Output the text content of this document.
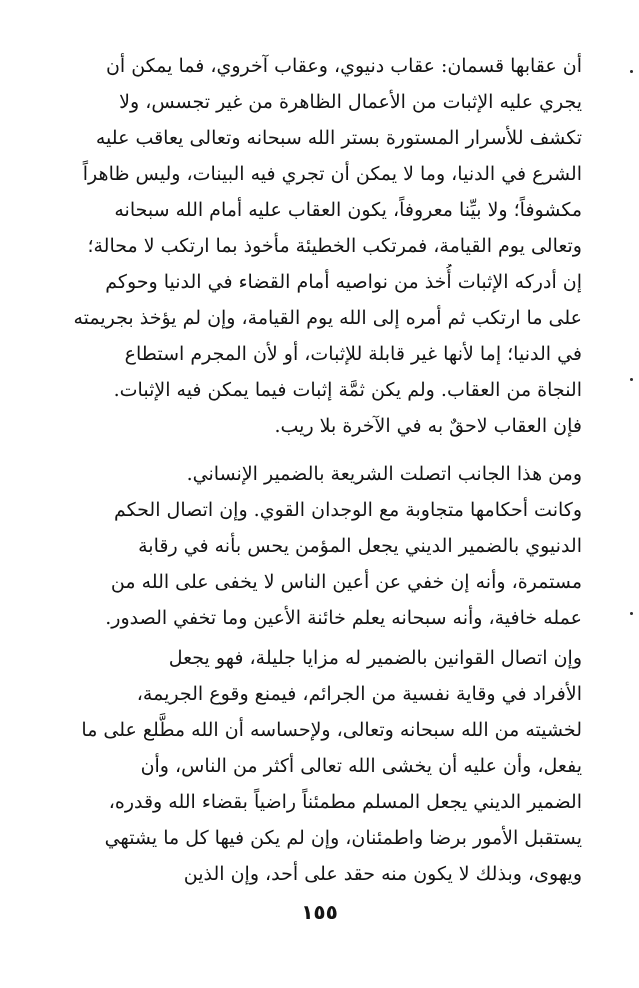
أن عقابها قسمان: عقاب دنيوي، وعقاب آخروي، فما يمكن أن
يجري عليه الإثبات من الأعمال الظاهرة من غير تجسس، ولا
تكشف للأسرار المستورة بستر الله سبحانه وتعالى يعاقب عليه
الشرع في الدنيا، وما لا يمكن أن تجري فيه البينات، وليس ظاهراً
مكشوفاً؛ ولا بيِّنا معروفاً، يكون العقاب عليه أمام الله سبحانه
وتعالى يوم القيامة، فمرتكب الخطيئة مأخوذ بما ارتكب لا محالة؛
إن أدركه الإثبات أُخذ من نواصيه أمام القضاء في الدنيا وحوكم
على ما ارتكب ثم أمره إلى الله يوم القيامة، وإن لم يؤخذ بجريمته
في الدنيا؛ إما لأنها غير قابلة للإثبات، أو لأن المجرم استطاع
النجاة من العقاب. ولم يكن ثمَّة إثبات فيما يمكن فيه الإثبات.
فإن العقاب لاحقٌ به في الآخرة بلا ريب.
ومن هذا الجانب اتصلت الشريعة بالضمير الإنساني.
وكانت أحكامها متجاوبة مع الوجدان القوي. وإن اتصال الحكم
الدنيوي بالضمير الديني يجعل المؤمن يحس بأنه في رقابة
مستمرة، وأنه إن خفي عن أعين الناس لا يخفى على الله من
عمله خافية، وأنه سبحانه يعلم خائنة الأعين وما تخفي الصدور.
وإن اتصال القوانين بالضمير له مزايا جليلة، فهو يجعل
الأفراد في وقاية نفسية من الجرائم، فيمنع وقوع الجريمة،
لخشيته من الله سبحانه وتعالى، ولإحساسه أن الله مطَّلع على ما
يفعل، وأن عليه أن يخشى الله تعالى أكثر من الناس، وأن
الضمير الديني يجعل المسلم مطمئناً راضياً بقضاء الله وقدره،
يستقبل الأمور برضا واطمئنان، وإن لم يكن فيها كل ما يشتهي
ويهوى، وبذلك لا يكون منه حقد على أحد، وإن الذين
١٥٥
